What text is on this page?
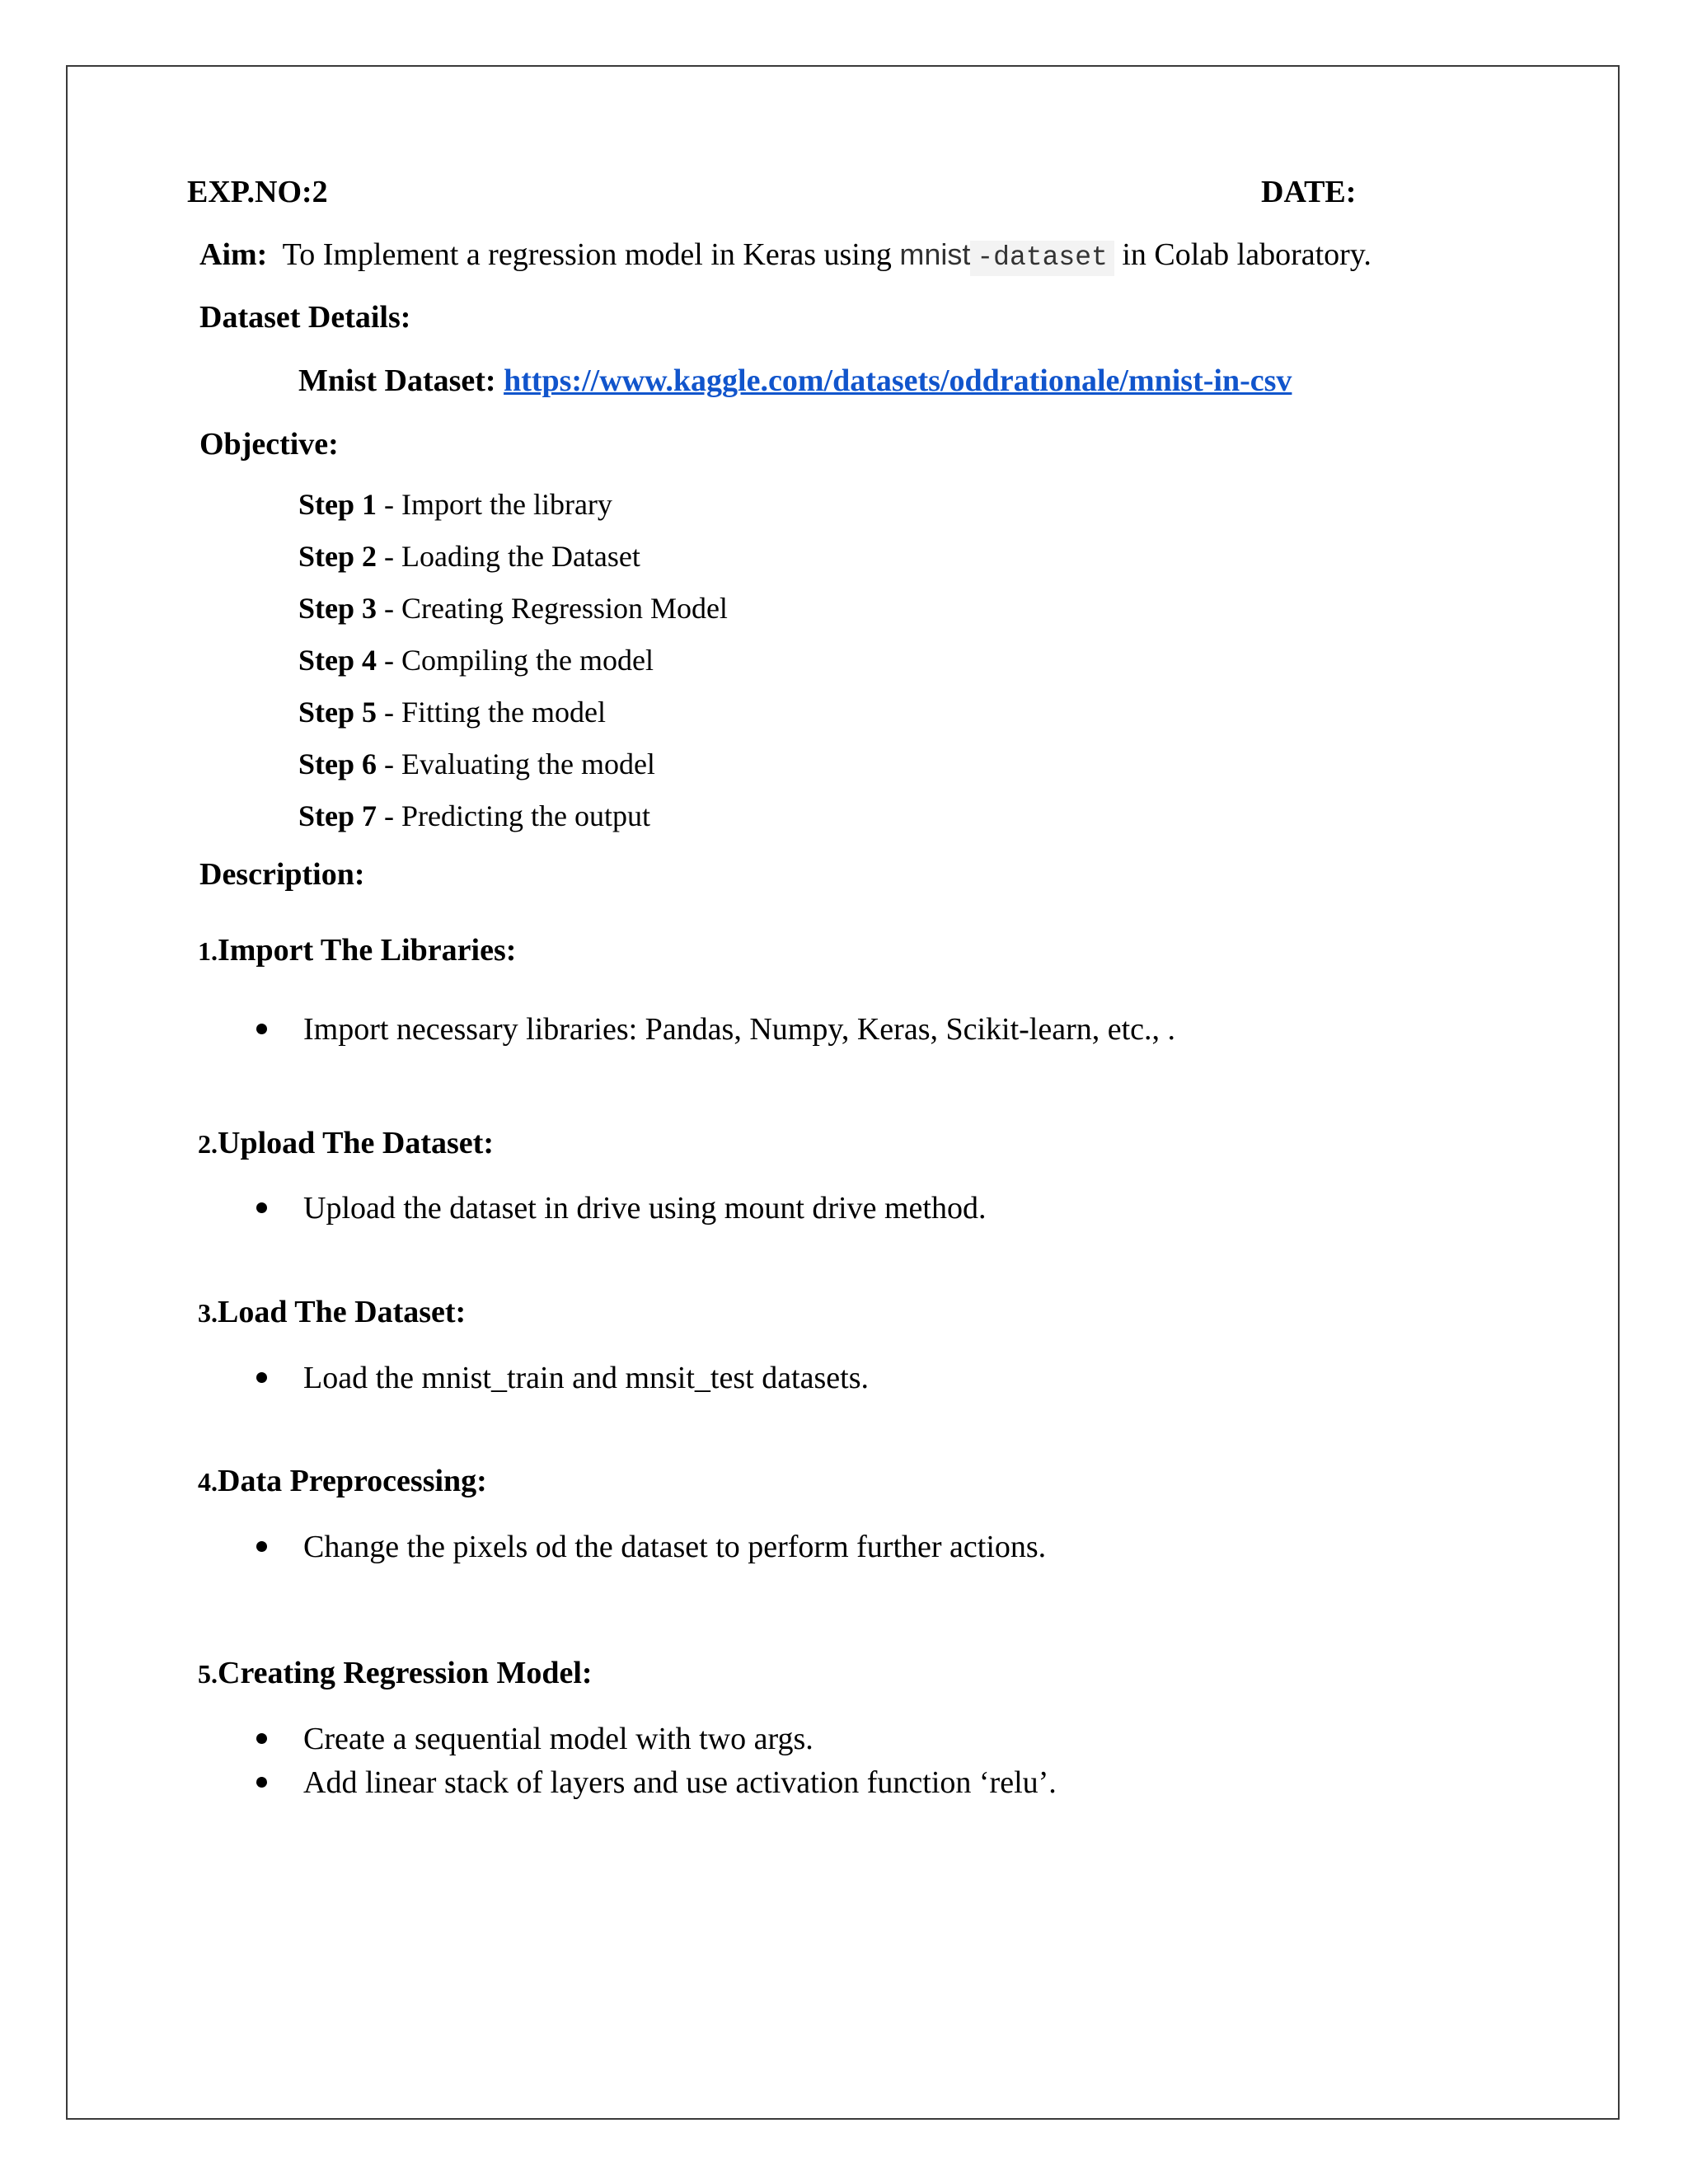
EXP.NO:2	DATE:
Aim: To Implement a regression model in Keras using mnist -dataset in Colab laboratory.
Dataset Details:
Mnist Dataset: https://www.kaggle.com/datasets/oddrationale/mnist-in-csv
Objective:
Step 1 - Import the library
Step 2 - Loading the Dataset
Step 3 - Creating Regression Model
Step 4 - Compiling the model
Step 5 - Fitting the model
Step 6 - Evaluating the model
Step 7 - Predicting the output
Description:
1.Import The Libraries:
Import necessary libraries: Pandas, Numpy, Keras, Scikit-learn, etc., .
2.Upload The Dataset:
Upload the dataset in drive using mount drive method.
3.Load The Dataset:
Load the mnist_train and mnsit_test datasets.
4.Data Preprocessing:
Change the pixels od the dataset to perform further actions.
5.Creating Regression Model:
Create a sequential model with two args.
Add linear stack of layers and use activation function ‘relu’.
